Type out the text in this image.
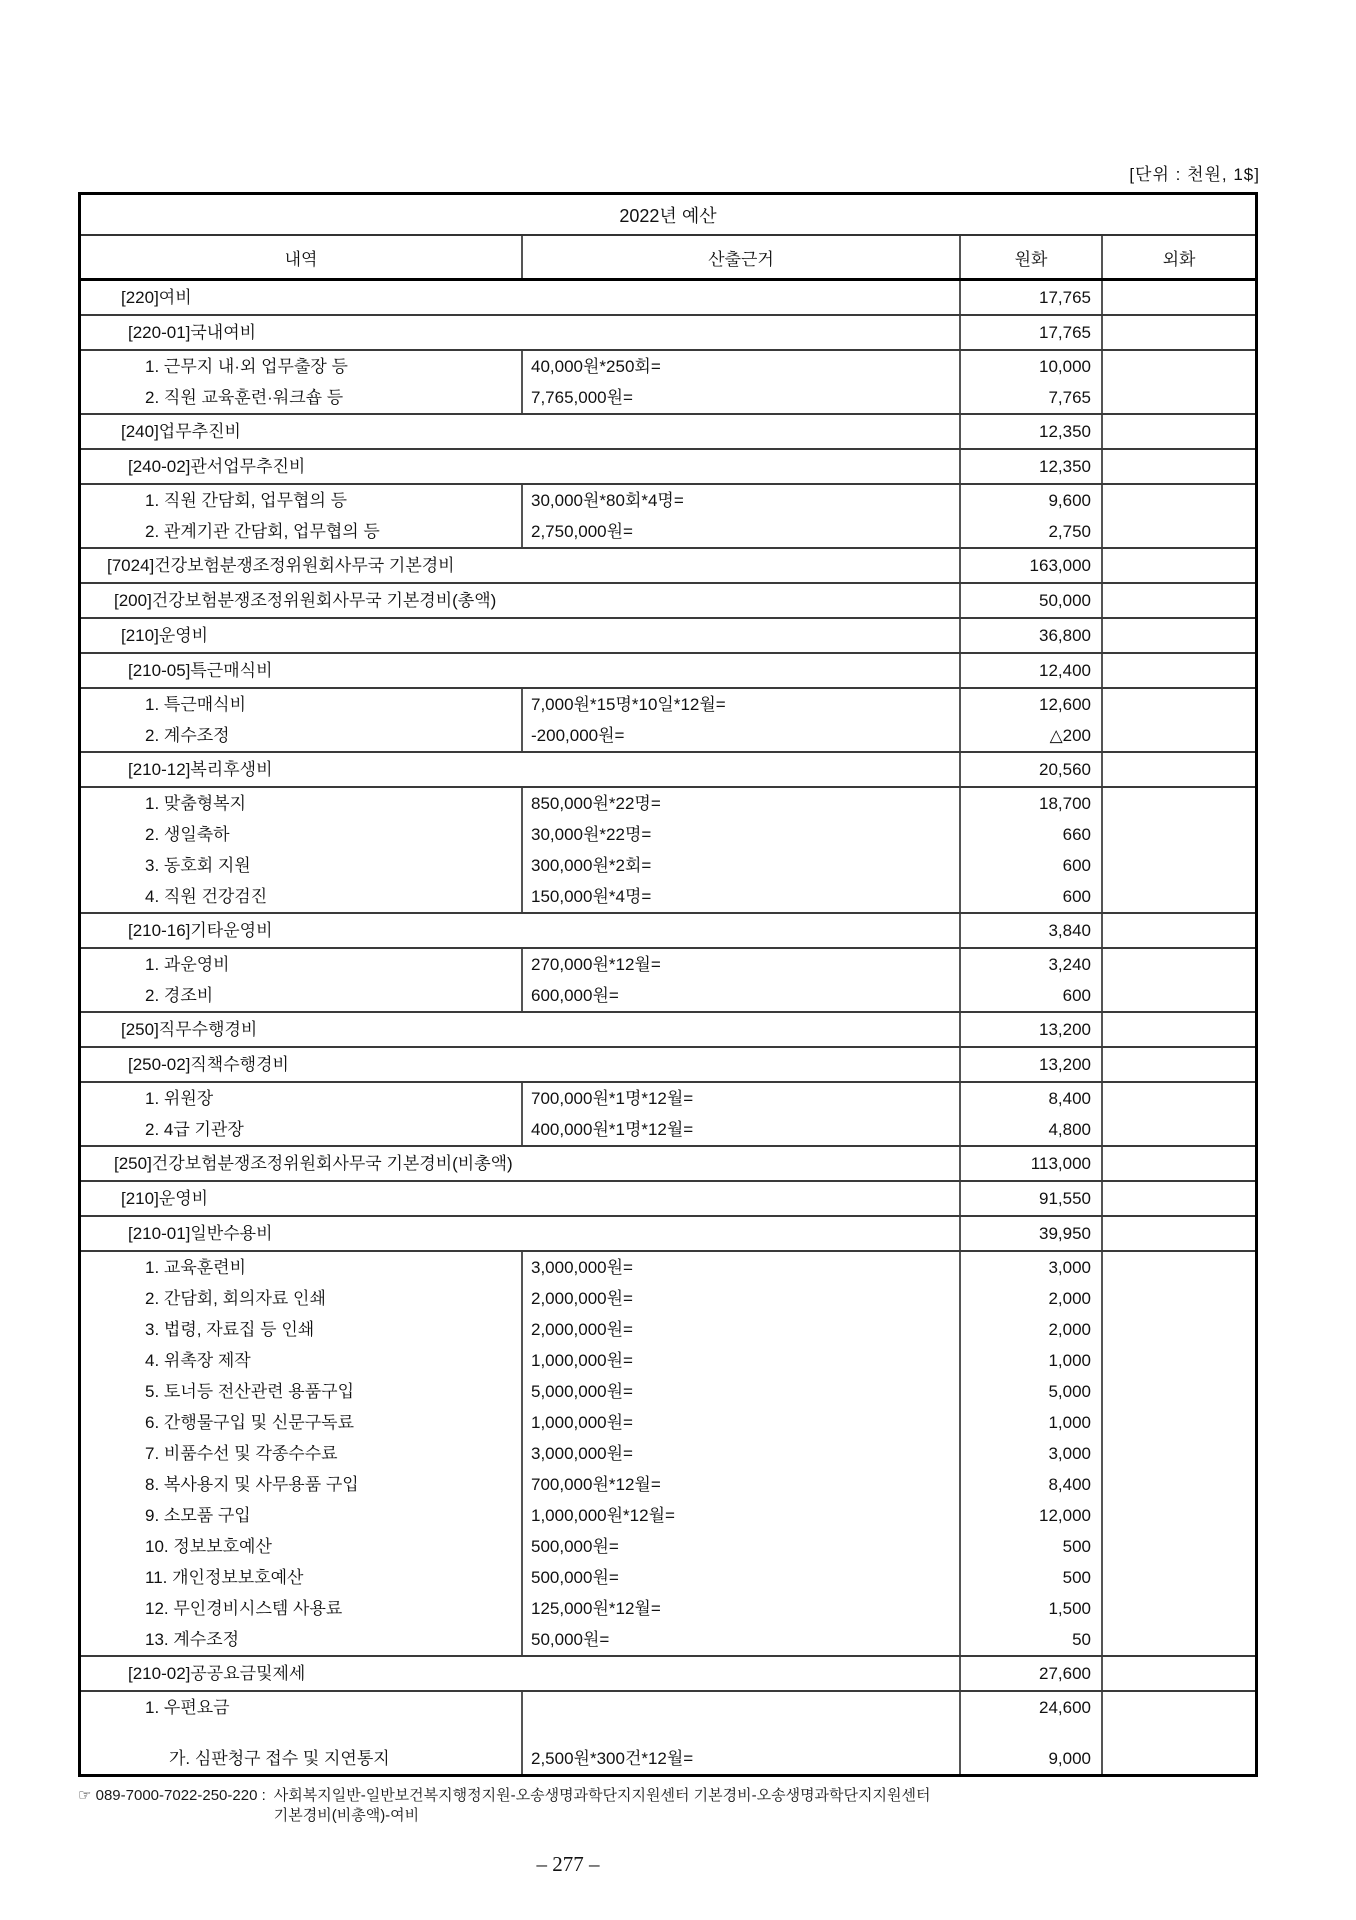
[단위 : 천원, 1$]
2022년 예산
내역	산출근거	원화	외화
[220]여비	17,765
[220-01]국내여비	17,765
1. 근무지 내·외 업무출장 등	40,000원*250회=	10,000
2. 직원 교육훈련·워크숍 등	7,765,000원=	7,765
[240]업무추진비	12,350
[240-02]관서업무추진비	12,350
1. 직원 간담회, 업무협의 등	30,000원*80회*4명=	9,600
2. 관계기관 간담회, 업무협의 등	2,750,000원=	2,750
[7024]건강보험분쟁조정위원회사무국 기본경비	163,000
[200]건강보험분쟁조정위원회사무국 기본경비(총액)	50,000
[210]운영비	36,800
[210-05]특근매식비	12,400
1. 특근매식비	7,000원*15명*10일*12월=	12,600
2. 계수조정	-200,000원=	△200
[210-12]복리후생비	20,560
1. 맞춤형복지	850,000원*22명=	18,700
2. 생일축하	30,000원*22명=	660
3. 동호회 지원	300,000원*2회=	600
4. 직원 건강검진	150,000원*4명=	600
[210-16]기타운영비	3,840
1. 과운영비	270,000원*12월=	3,240
2. 경조비	600,000원=	600
[250]직무수행경비	13,200
[250-02]직책수행경비	13,200
1. 위원장	700,000원*1명*12월=	8,400
2. 4급 기관장	400,000원*1명*12월=	4,800
[250]건강보험분쟁조정위원회사무국 기본경비(비총액)	113,000
[210]운영비	91,550
[210-01]일반수용비	39,950
1. 교육훈련비	3,000,000원=	3,000
2. 간담회, 회의자료 인쇄	2,000,000원=	2,000
3. 법령, 자료집 등 인쇄	2,000,000원=	2,000
4. 위촉장 제작	1,000,000원=	1,000
5. 토너등 전산관련 용품구입	5,000,000원=	5,000
6. 간행물구입 및 신문구독료	1,000,000원=	1,000
7. 비품수선 및 각종수수료	3,000,000원=	3,000
8. 복사용지 및 사무용품 구입	700,000원*12월=	8,400
9. 소모품 구입	1,000,000원*12월=	12,000
10. 정보보호예산	500,000원=	500
11. 개인정보보호예산	500,000원=	500
12. 무인경비시스템 사용료	125,000원*12월=	1,500
13. 계수조정	50,000원=	50
[210-02]공공요금및제세	27,600
1. 우편요금	24,600
가. 심판청구 접수 및 지연통지	2,500원*300건*12월=	9,000
☞ 089-7000-7022-250-220 : 사회복지일반-일반보건복지행정지원-오송생명과학단지지원센터 기본경비-오송생명과학단지지원센터
기본경비(비총액)-여비
– 277 –
